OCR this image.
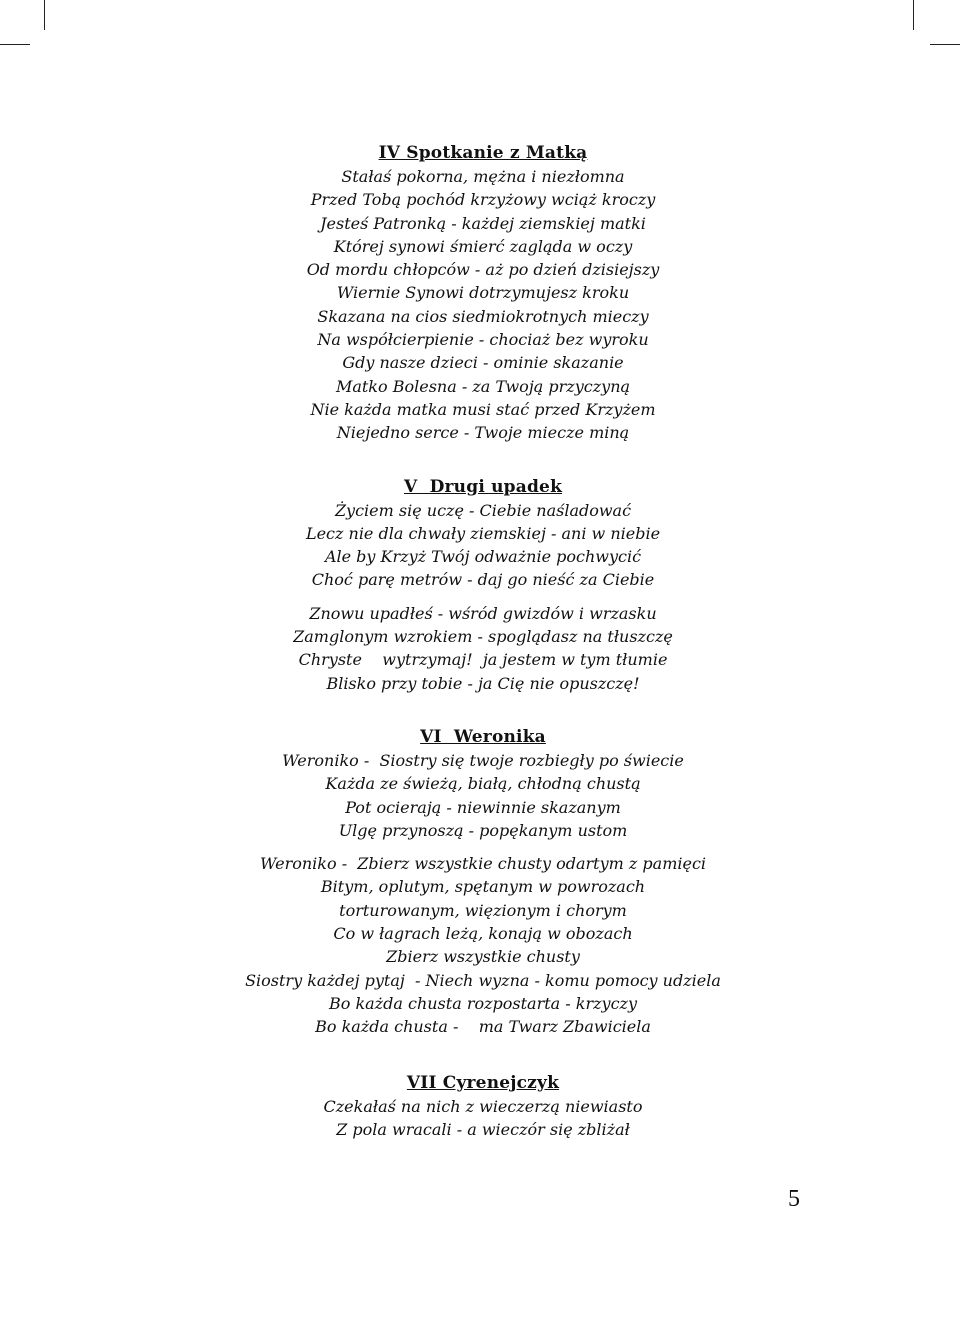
IV Spotkanie z Matką
Stałaś pokorna, mężna i niezłomna
Przed Tobą pochód krzyżowy wciąż kroczy
Jesteś Patronką - każdej ziemskiej matki
Której synowi śmierć zagląda w oczy
Od mordu chłopców - aż po dzień dzisiejszy
Wiernie Synowi dotrzymujesz kroku
Skazana na cios siedmiokrotnych mieczy
Na współcierpienie - chociaż bez wyroku
Gdy nasze dzieci - ominie skazanie
Matko Bolesna - za Twoją przyczyną
Nie każda matka musi stać przed Krzyżem
Niejedno serce - Twoje miecze miną
V  Drugi upadek
Życiem się uczę - Ciebie naśladować
Lecz nie dla chwały ziemskiej - ani w niebie
Ale by Krzyż Twój odważnie pochwycić
Choć parę metrów - daj go nieść za Ciebie
Znowu upadłeś - wśród gwizdów i wrzasku
Zamglonym wzrokiem - spoglądasz na tłuszczę
Chryste    wytrzymaj!  ja jestem w tym tłumie
Blisko przy tobie - ja Cię nie opuszczę!
VI  Weronika
Weroniko -  Siostry się twoje rozbiegły po świecie
Każda ze świeżą, białą, chłodną chustą
Pot ocierają - niewinnie skazanym
Ulgę przynoszą - popękanym ustom
Weroniko -  Zbierz wszystkie chusty odartym z pamięci
Bitym, oplutym, spętanym w powrozach
torturowanym, więzionym i chorym
Co w łagrach leżą, konają w obozach
Zbierz wszystkie chusty
Siostry każdej pytaj  - Niech wyzna - komu pomocy udziela
Bo każda chusta rozpostarta - krzyczy
Bo każda chusta -    ma Twarz Zbawiciela
VII Cyrenejczyk
Czekałaś na nich z wieczerzą niewiasto
Z pola wracali - a wieczór się zbliżał
5
